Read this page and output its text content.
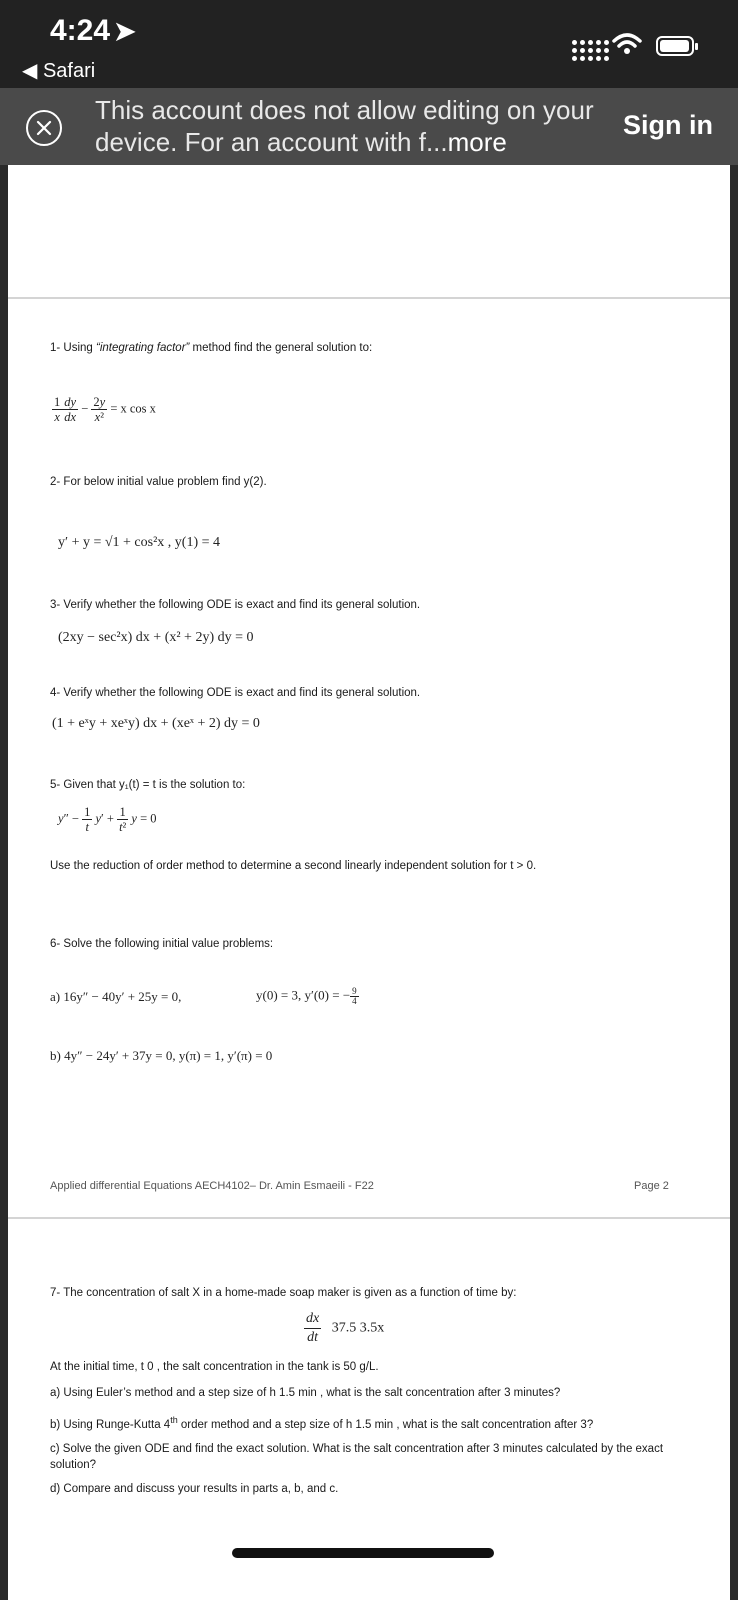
4:24 ➤
◀ Safari
This account does not allow editing on your device. For an account with f...more
Sign in
1- Using “integrating factor” method find the general solution to:
$\frac{1}{x} \frac{dy}{dx} - \frac{2y}{\text{x²}} = x$ cos x
2- For below initial value problem find y(2).
y′ + y = √1 + cos²x , y(1) = 4
3- Verify whether the following ODE is exact and find its general solution.
(2xy − sec²x) dx + (x² + 2y) dy = 0
4- Verify whether the following ODE is exact and find its general solution.
(1 + eˣy + xeˣy) dx + (xeˣ + 2) dy = 0
5- Given that y₁(t) = t is the solution to:
$y'' - \frac{1}{t} y' + \frac{1}{\text{t²}}$ y = 0
Use the reduction of order method to determine a second linearly independent solution for t > 0.
6- Solve the following initial value problems:
a) 16y″ − 40y′ + 25y = 0,	y(0) = 3, y′(0) = − $\frac{9}{4}$
b) 4y″ − 24y′ + 37y = 0, y(π) = 1, y′(π) = 0
Applied differential Equations AECH4102– Dr. Amin Esmaeili - F22	Page 2
7- The concentration of salt X in a home-made soap maker is given as a function of time by:
$\frac{dx}{dt} 37.5$ 3.5x
At the initial time, t 0 , the salt concentration in the tank is 50 g/L.
a) Using Euler’s method and a step size of h 1.5 min , what is the salt concentration after 3 minutes?
b) Using Runge-Kutta 4th order method and a step size of h 1.5 min , what is the salt concentration after 3?
c) Solve the given ODE and find the exact solution. What is the salt concentration after 3 minutes calculated by the exact solution?
d) Compare and discuss your results in parts a, b, and c.
